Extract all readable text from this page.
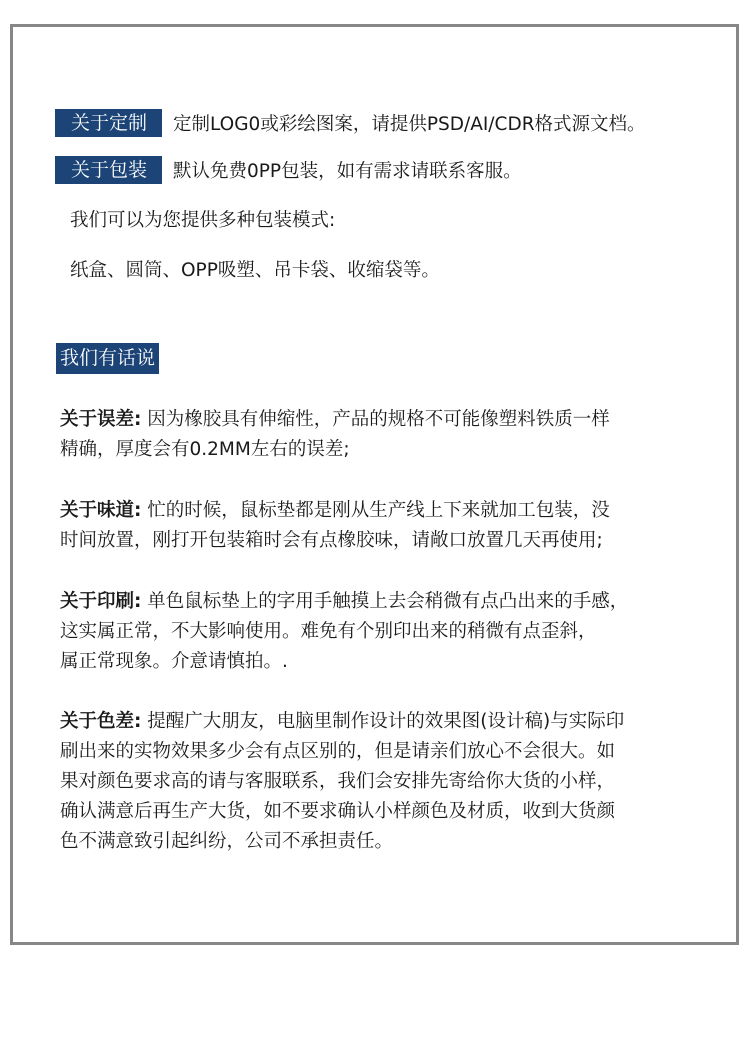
关于定制	定制LOG0或彩绘图案，请提供PSD/AI/CDR格式源文档。
关于包装	默认免费0PP包装，如有需求请联系客服。
我们可以为您提供多种包装模式:
纸盒、圆筒、OPP吸塑、吊卡袋、收缩袋等。
我们有话说
关于误差: 因为橡胶具有伸缩性，产品的规格不可能像塑料铁质一样
精确，厚度会有0.2MM左右的误差;
关于味道: 忙的时候，鼠标垫都是刚从生产线上下来就加工包装，没
时间放置，刚打开包装箱时会有点橡胶味，请敞口放置几天再使用;
关于印刷: 单色鼠标垫上的字用手触摸上去会稍微有点凸出来的手感，
这实属正常，不大影响使用。难免有个别印出来的稍微有点歪斜，
属正常现象。介意请慎拍。.
关于色差: 提醒广大朋友，电脑里制作设计的效果图(设计稿)与实际印
刷出来的实物效果多少会有点区别的，但是请亲们放心不会很大。如
果对颜色要求高的请与客服联系，我们会安排先寄给你大货的小样，
确认满意后再生产大货，如不要求确认小样颜色及材质，收到大货颜
色不满意致引起纠纷，公司不承担责任。
